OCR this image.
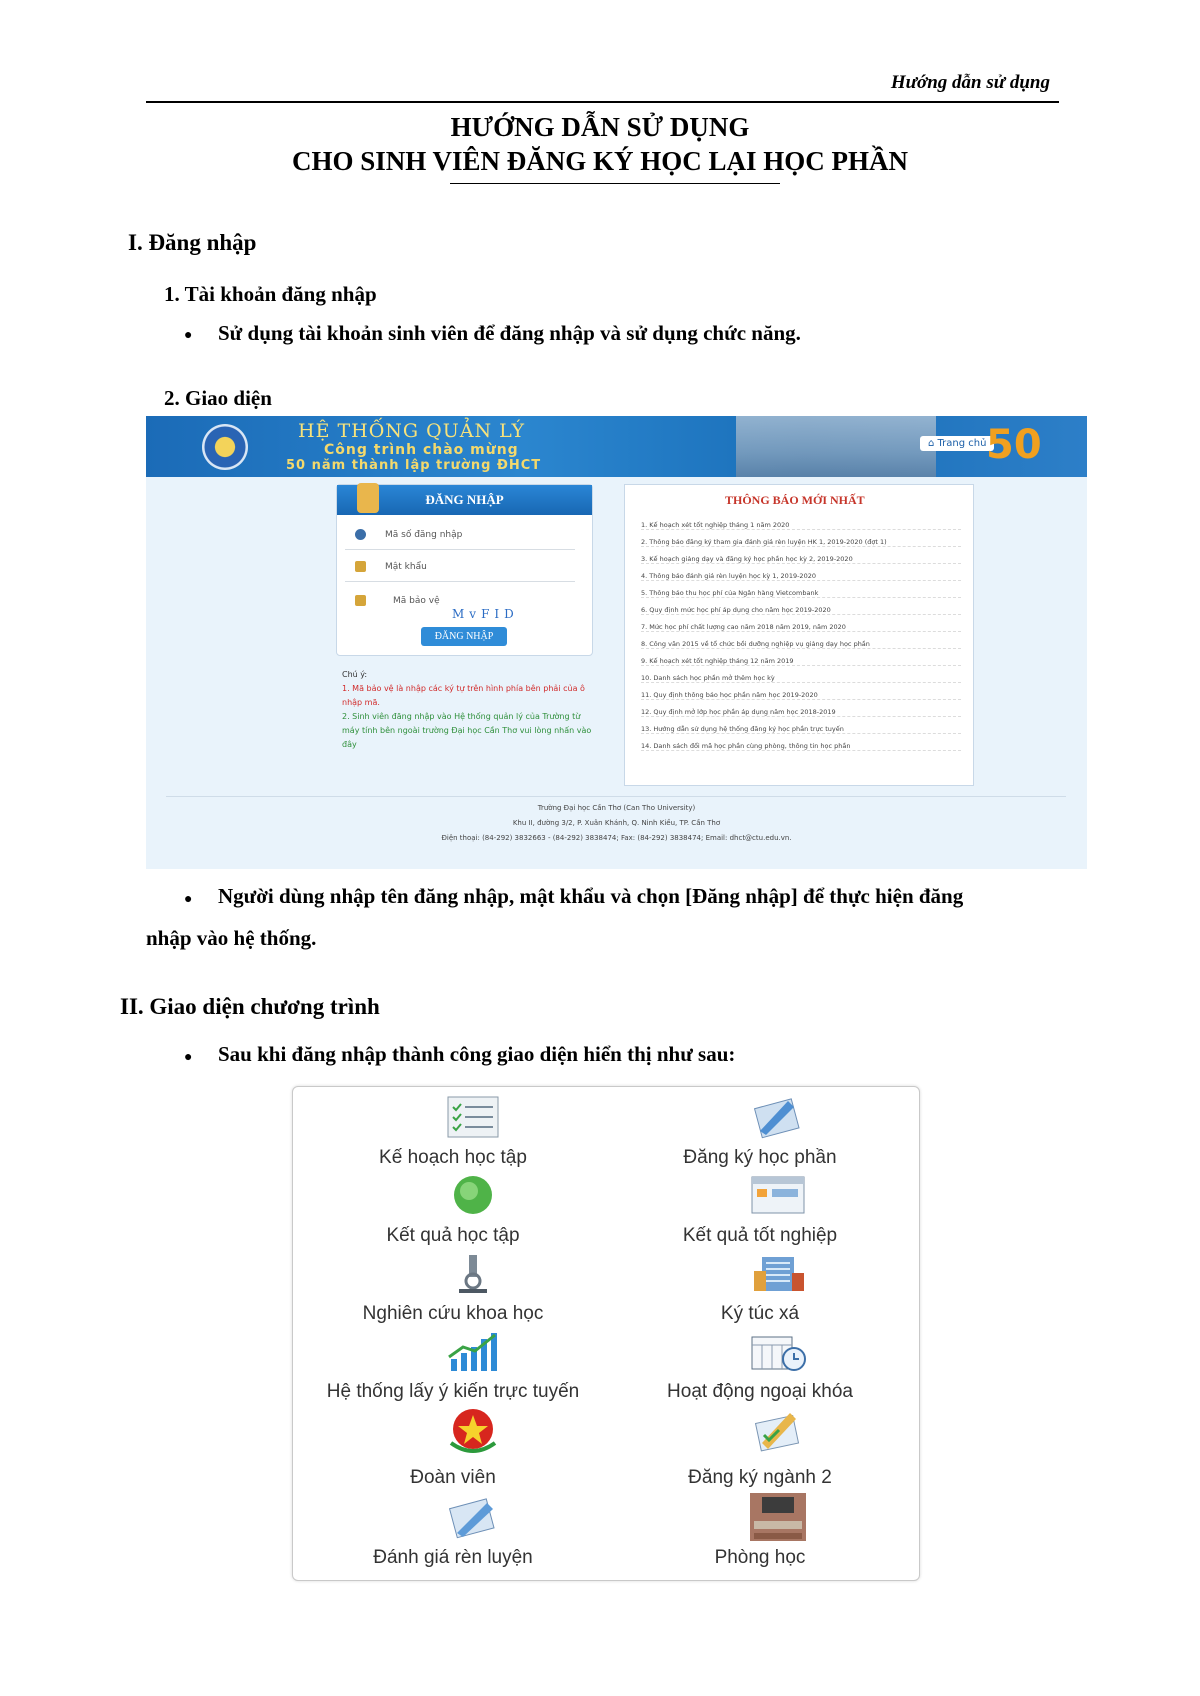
Hướng dẫn sử dụng
HƯỚNG DẪN SỬ DỤNG
CHO SINH VIÊN ĐĂNG KÝ HỌC LẠI HỌC PHẦN
I. Đăng nhập
1. Tài khoản đăng nhập
● Sử dụng tài khoản sinh viên để đăng nhập và sử dụng chức năng.
2. Giao diện
HỆ THỐNG QUẢN LÝ
Công trình chào mừng
50 năm thành lập trường ĐHCT
⌂ Trang chủ 50
ĐĂNG NHẬP
Mã số đăng nhập
Mật khẩu
Mã bảo vệ
MvFID
ĐĂNG NHẬP
Chú ý:
1. Mã bảo vệ là nhập các ký tự trên hình phía bên phải của ô nhập mã.
2. Sinh viên đăng nhập vào Hệ thống quản lý của Trường từ máy tính bên ngoài trường Đại học Cần Thơ vui lòng nhấn vào đây
THÔNG BÁO MỚI NHẤT
1. Kế hoạch xét tốt nghiệp tháng 1 năm 2020
2. Thông báo đăng ký tham gia đánh giá rèn luyện HK 1, 2019-2020 (đợt 1)
3. Kế hoạch giảng dạy và đăng ký học phần học kỳ 2, 2019-2020
4. Thông báo đánh giá rèn luyện học kỳ 1, 2019-2020
5. Thông báo thu học phí của Ngân hàng Vietcombank
6. Quy định mức học phí áp dụng cho năm học 2019-2020
7. Mức học phí chất lượng cao năm 2018 năm 2019, năm 2020
8. Công văn 2015 về tổ chức bồi dưỡng nghiệp vụ giảng dạy học phần
9. Kế hoạch xét tốt nghiệp tháng 12 năm 2019
10. Danh sách học phần mở thêm học kỳ
11. Quy định thông báo học phần năm học 2019-2020
12. Quy định mở lớp học phần áp dụng năm học 2018-2019
13. Hướng dẫn sử dụng hệ thống đăng ký học phần trực tuyến
14. Danh sách đổi mã học phần cùng phòng, thông tin học phần
Trường Đại học Cần Thơ (Can Tho University)
Khu II, đường 3/2, P. Xuân Khánh, Q. Ninh Kiều, TP. Cần Thơ
Điện thoại: (84-292) 3832663 - (84-292) 3838474; Fax: (84-292) 3838474; Email: dhct@ctu.edu.vn.
● Người dùng nhập tên đăng nhập, mật khẩu và chọn [Đăng nhập] để thực hiện đăng
nhập vào hệ thống.
II. Giao diện chương trình
● Sau khi đăng nhập thành công giao diện hiển thị như sau:
Kế hoạch học tập	Đăng ký học phần
Kết quả học tập	Kết quả tốt nghiệp
Nghiên cứu khoa học	Ký túc xá
Hệ thống lấy ý kiến trực tuyến	Hoạt động ngoại khóa
Đoàn viên	Đăng ký ngành 2
Đánh giá rèn luyện	Phòng học
